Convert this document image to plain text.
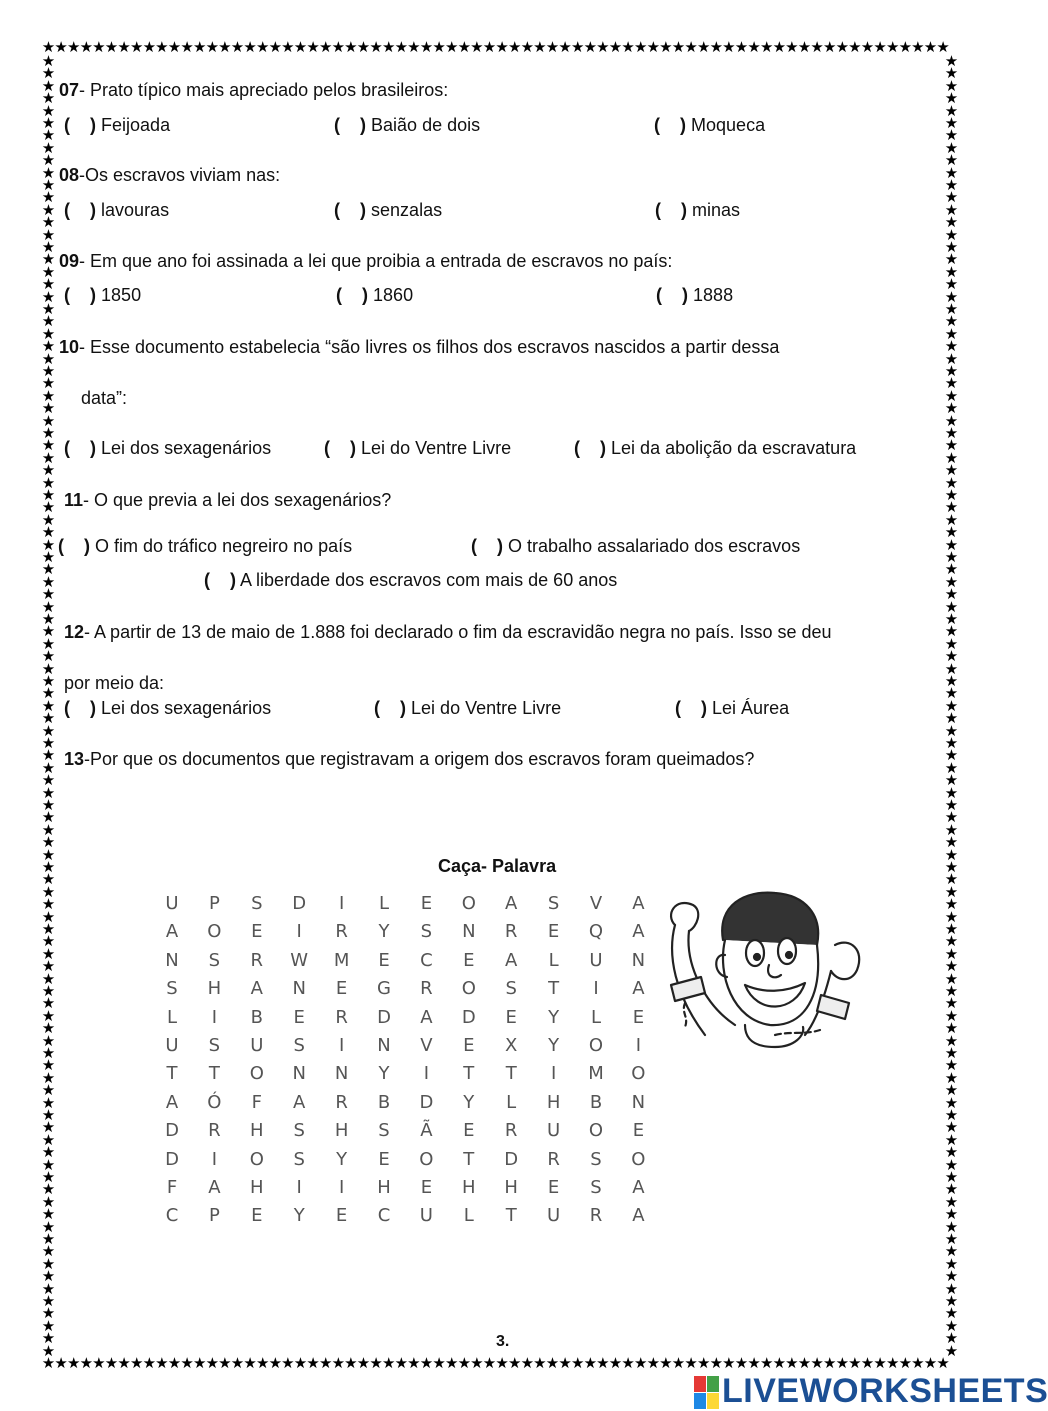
★
★
★
★
★
★
★
★
★
★
★
★
★
★
★
★
★
★
★
★
★
★
★
★
★
★
★
★
★
★
★
★
★
★
★
★
★
★
★
★
★
★
★
★
★
★
★
★
★
★
★
★
★
★
★
★
★
★
★
★
★
★
★
★
★
★
★
★
★
★
★
★
★
★
★
★
★
★
★
★
★
★
★
★
★
★
★
★
★
★
★
★
★
★
★
★
★
★
★
★
★
★
★
★
★
★
★
★
★
★
★
★
★
★
★
★
★
★
★
★
★
★
★
★
★
★
★
★
★
★
★
★
★
★
★
★
★
★
★
★
★
★
★
★
★	★
★	★
★	★
★	★
★	★
★	★
★	★
★	★
★	★
★	★
★	★
★	★
★	★
★	★
★	★
★	★
★	★
★	★
★	★
★	★
★	★
★	★
★	★
★	★
★	★
★	★
★	★
★	★
★	★
★	★
★	★
★	★
★	★
★	★
★	★
★	★
★	★
★	★
★	★
★	★
★	★
★	★
★	★
★	★
★	★
★	★
★	★
★	★
★	★
★	★
★	★
★	★
★	★
★	★
★	★
★	★
★	★
★	★
★	★
★	★
★	★
★	★
★	★
★	★
★	★
★	★
★	★
★	★
★	★
★	★
★	★
★	★
★	★
★	★
★	★
★	★
★	★
★	★
★	★
★	★
★	★
★	★
★	★
★	★
★	★
★	★
★	★
★	★
★	★
★	★
★	★
★	★
★	★
★	★
★	★
★	★
★	★
★	★
★	★
★	★
★	★
★	★
★	★
★	★
★	★
07- Prato típico mais apreciado pelos brasileiros:
( ) Feijoada	( ) Baião de dois	( ) Moqueca
08-Os escravos viviam nas:
( ) lavouras	( ) senzalas	( ) minas
09- Em que ano foi assinada a lei que proibia a entrada de escravos no país:
( ) 1850	( ) 1860	( ) 1888
10- Esse documento estabelecia “são livres os filhos dos escravos nascidos a partir dessa
data”:
( ) Lei dos sexagenários	( ) Lei do Ventre Livre	( ) Lei da abolição da escravatura
11- O que previa a lei dos sexagenários?
( ) O fim do tráfico negreiro no país	( ) O trabalho assalariado dos escravos
( ) A liberdade dos escravos com mais de 60 anos
12- A partir de 13 de maio de 1.888 foi declarado o fim da escravidão negra no país. Isso se deu
por meio da:
( ) Lei dos sexagenários	( ) Lei do Ventre Livre	( ) Lei Áurea
13-Por que os documentos que registravam a origem dos escravos foram queimados?
Caça- Palavra
U	P	S	D	I	L	E	O	A	S	V	A
A	O	E	I	R	Y	S	N	R	E	Q	A
N	S	R	W M	E	C	E	A	L	U	N
S	H	A	N	E	G	R	O	S	T	I	A
L	I	B	E	R	D	A	D	E	Y	L	E
U	S	U	S	I	N	V	E	X	Y	O	I
T	T	O	N	N	Y	I	T	T	I	M	O
A	Ó	F	A	R	B	D	Y	L	H	B	N
D	R	H	S	H	S	Ã	E	R	U	O	E
D	I	O	S	Y	E	O	T	D	R	S	O
F	A	H	I	I	H	E	H	H	E	S	A
C	P	E	Y	E	C	U	L	T	U	R	A
3.
LIVEWORKSHEETS
